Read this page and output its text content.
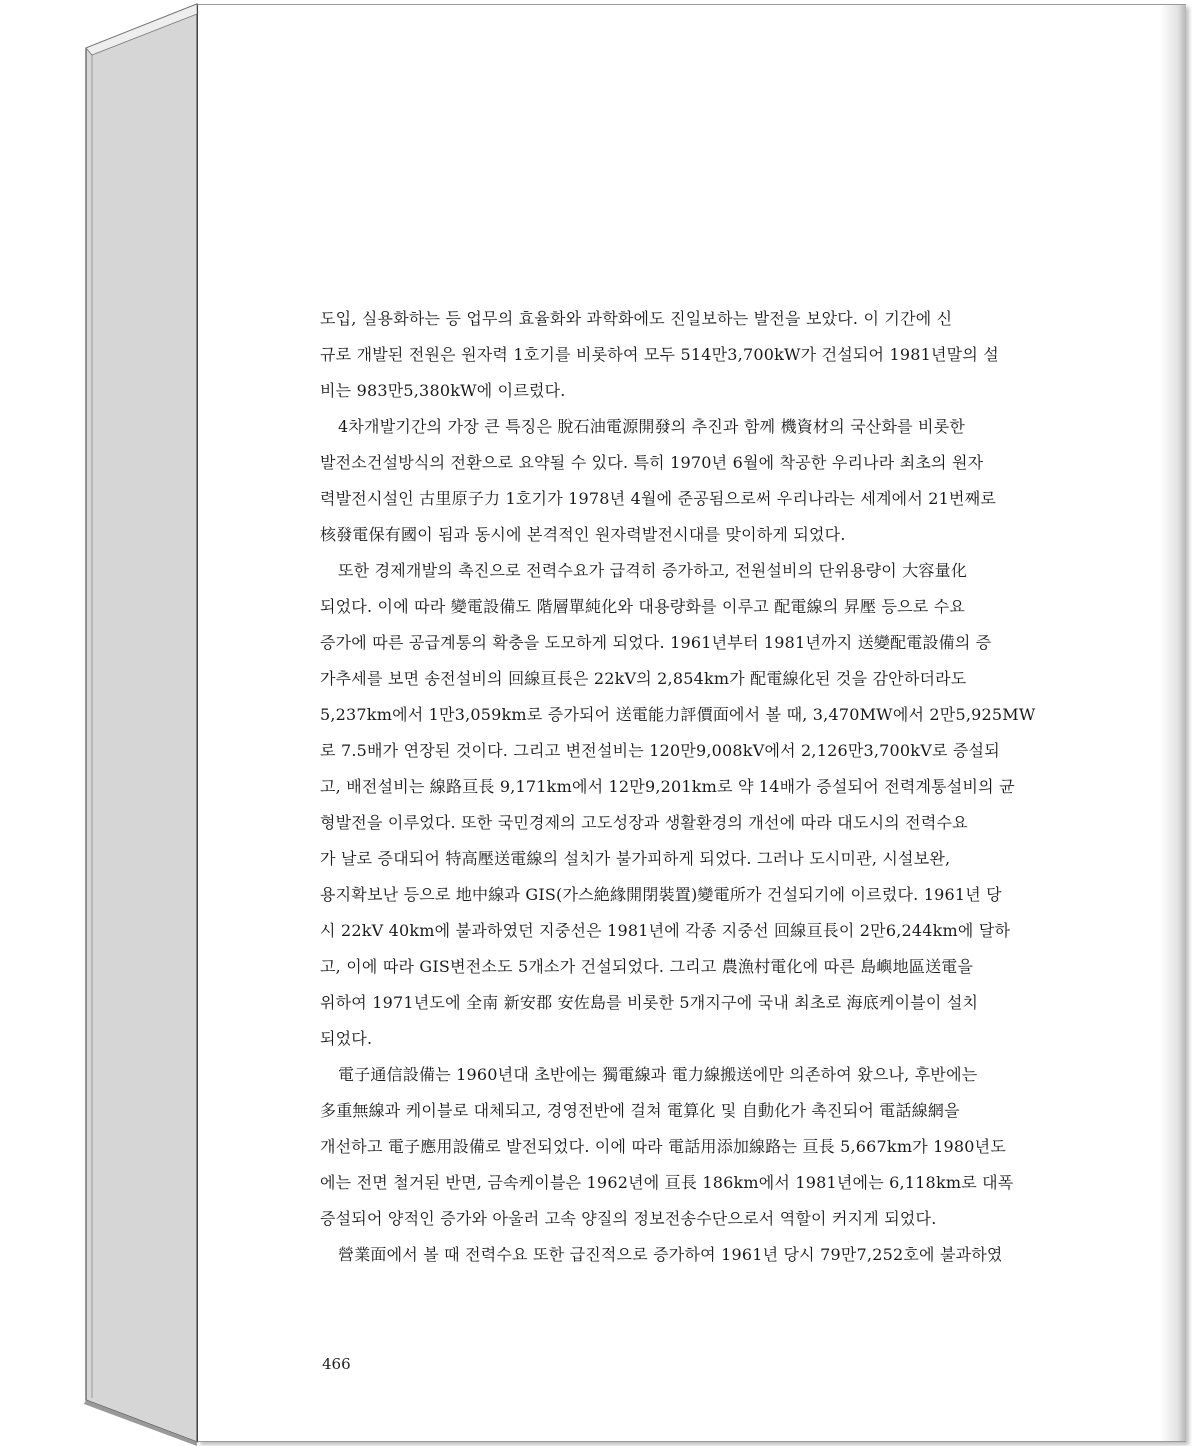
도입, 실용화하는 등 업무의 효율화와 과학화에도 진일보하는 발전을 보았다. 이 기간에 신
규로 개발된 전원은 원자력 1호기를 비롯하여 모두 514만3,700kW가 건설되어 1981년말의 설
비는 983만5,380kW에 이르렀다.

4차개발기간의 가장 큰 특징은 脫石油電源開發의 추진과 함께 機資材의 국산화를 비롯한
발전소건설방식의 전환으로 요약될 수 있다. 특히 1970년 6월에 착공한 우리나라 최초의 원자
력발전시설인 古里原子力 1호기가 1978년 4월에 준공됨으로써 우리나라는 세계에서 21번째로
核發電保有國이 됨과 동시에 본격적인 원자력발전시대를 맞이하게 되었다.

또한 경제개발의 촉진으로 전력수요가 급격히 증가하고, 전원설비의 단위용량이 大容量化
되었다. 이에 따라 變電設備도 階層單純化와 대용량화를 이루고 配電線의 昇壓 등으로 수요
증가에 따른 공급계통의 확충을 도모하게 되었다. 1961년부터 1981년까지 送變配電設備의 증
가추세를 보면 송전설비의 回線亘長은 22kV의 2,854km가 配電線化된 것을 감안하더라도
5,237km에서 1만3,059km로 증가되어 送電能力評價面에서 볼 때, 3,470MW에서 2만5,925MW
로 7.5배가 연장된 것이다. 그리고 변전설비는 120만9,008kV에서 2,126만3,700kV로 증설되
고, 배전설비는 線路亘長 9,171km에서 12만9,201km로 약 14배가 증설되어 전력계통설비의 균
형발전을 이루었다. 또한 국민경제의 고도성장과 생활환경의 개선에 따라 대도시의 전력수요
가 날로 증대되어 特高壓送電線의 설치가 불가피하게 되었다. 그러나 도시미관, 시설보완,
용지확보난 등으로 地中線과 GIS(가스絶緣開閉裝置)變電所가 건설되기에 이르렀다. 1961년 당
시 22kV 40km에 불과하였던 지중선은 1981년에 각종 지중선 回線亘長이 2만6,244km에 달하
고, 이에 따라 GIS변전소도 5개소가 건설되었다. 그리고 農漁村電化에 따른 島嶼地區送電을
위하여 1971년도에 全南 新安郡 安佐島를 비롯한 5개지구에 국내 최초로 海底케이블이 설치
되었다.

電子通信設備는 1960년대 초반에는 獨電線과 電力線搬送에만 의존하여 왔으나, 후반에는
多重無線과 케이블로 대체되고, 경영전반에 걸쳐 電算化 및 自動化가 촉진되어 電話線網을
개선하고 電子應用設備로 발전되었다. 이에 따라 電話用添加線路는 亘長 5,667km가 1980년도
에는 전면 철거된 반면, 금속케이블은 1962년에 亘長 186km에서 1981년에는 6,118km로 대폭
증설되어 양적인 증가와 아울러 고속 양질의 정보전송수단으로서 역할이 커지게 되었다.

營業面에서 볼 때 전력수요 또한 급진적으로 증가하여 1961년 당시 79만7,252호에 불과하였

466
